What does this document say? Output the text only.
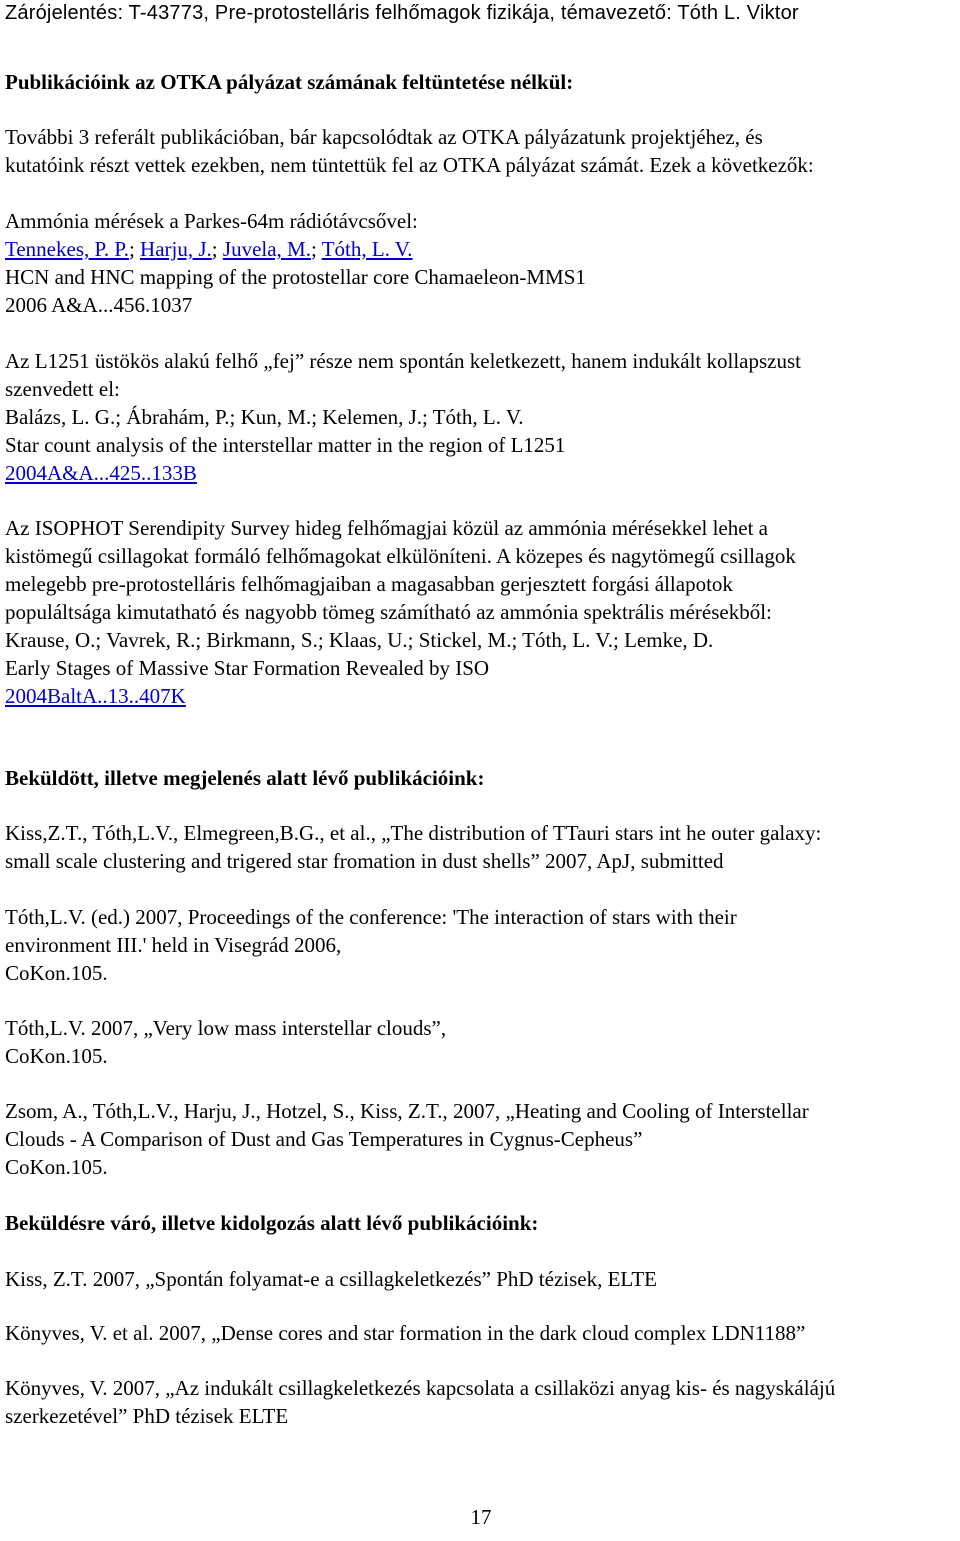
Zárójelentés: T-43773, Pre-protostelláris felhőmagok fizikája, témavezető: Tóth L. Viktor
Publikációink az OTKA pályázat számának feltüntetése nélkül:
További 3 referált publikációban, bár kapcsolódtak az OTKA pályázatunk projektjéhez, és
kutatóink részt vettek ezekben, nem tüntettük fel az OTKA pályázat számát. Ezek a következők:
Ammónia mérések a Parkes-64m rádiótávcsővel:
Tennekes, P. P.; Harju, J.; Juvela, M.; Tóth, L. V.
HCN and HNC mapping of the protostellar core Chamaeleon-MMS1
2006 A&A...456.1037
Az L1251 üstökös alakú felhő „fej” része nem spontán keletkezett, hanem indukált kollapszust
szenvedett el:
Balázs, L. G.; Ábrahám, P.; Kun, M.; Kelemen, J.; Tóth, L. V.
Star count analysis of the interstellar matter in the region of L1251
2004A&A...425..133B
Az ISOPHOT Serendipity Survey hideg felhőmagjai közül az ammónia mérésekkel lehet a
kistömegű csillagokat formáló felhőmagokat elkülöníteni. A közepes és nagytömegű csillagok
melegebb pre-protostelláris felhőmagjaiban a magasabban gerjesztett forgási állapotok
populáltsága kimutatható és nagyobb tömeg számítható az ammónia spektrális mérésekből:
Krause, O.; Vavrek, R.; Birkmann, S.; Klaas, U.; Stickel, M.; Tóth, L. V.; Lemke, D.
Early Stages of Massive Star Formation Revealed by ISO
2004BaltA..13..407K
Beküldött, illetve megjelenés alatt lévő publikációink:
Kiss,Z.T., Tóth,L.V., Elmegreen,B.G., et al., „The distribution of TTauri stars int he outer galaxy:
small scale clustering and trigered star fromation in dust shells” 2007, ApJ, submitted
Tóth,L.V. (ed.) 2007, Proceedings of the conference: 'The interaction of stars with their
environment III.' held in Visegrád 2006,
CoKon.105.
Tóth,L.V. 2007, „Very low mass interstellar clouds”,
CoKon.105.
Zsom, A., Tóth,L.V., Harju, J., Hotzel, S., Kiss, Z.T., 2007, „Heating and Cooling of Interstellar
Clouds - A Comparison of Dust and Gas Temperatures in Cygnus-Cepheus”
CoKon.105.
Beküldésre váró, illetve kidolgozás alatt lévő publikációink:
Kiss, Z.T. 2007, „Spontán folyamat-e a csillagkeletkezés” PhD tézisek, ELTE
Könyves, V. et al. 2007, „Dense cores and star formation in the dark cloud complex LDN1188”
Könyves, V. 2007, „Az indukált csillagkeletkezés kapcsolata a csillaközi anyag kis- és nagyskálájú
szerkezetével” PhD tézisek ELTE
17
